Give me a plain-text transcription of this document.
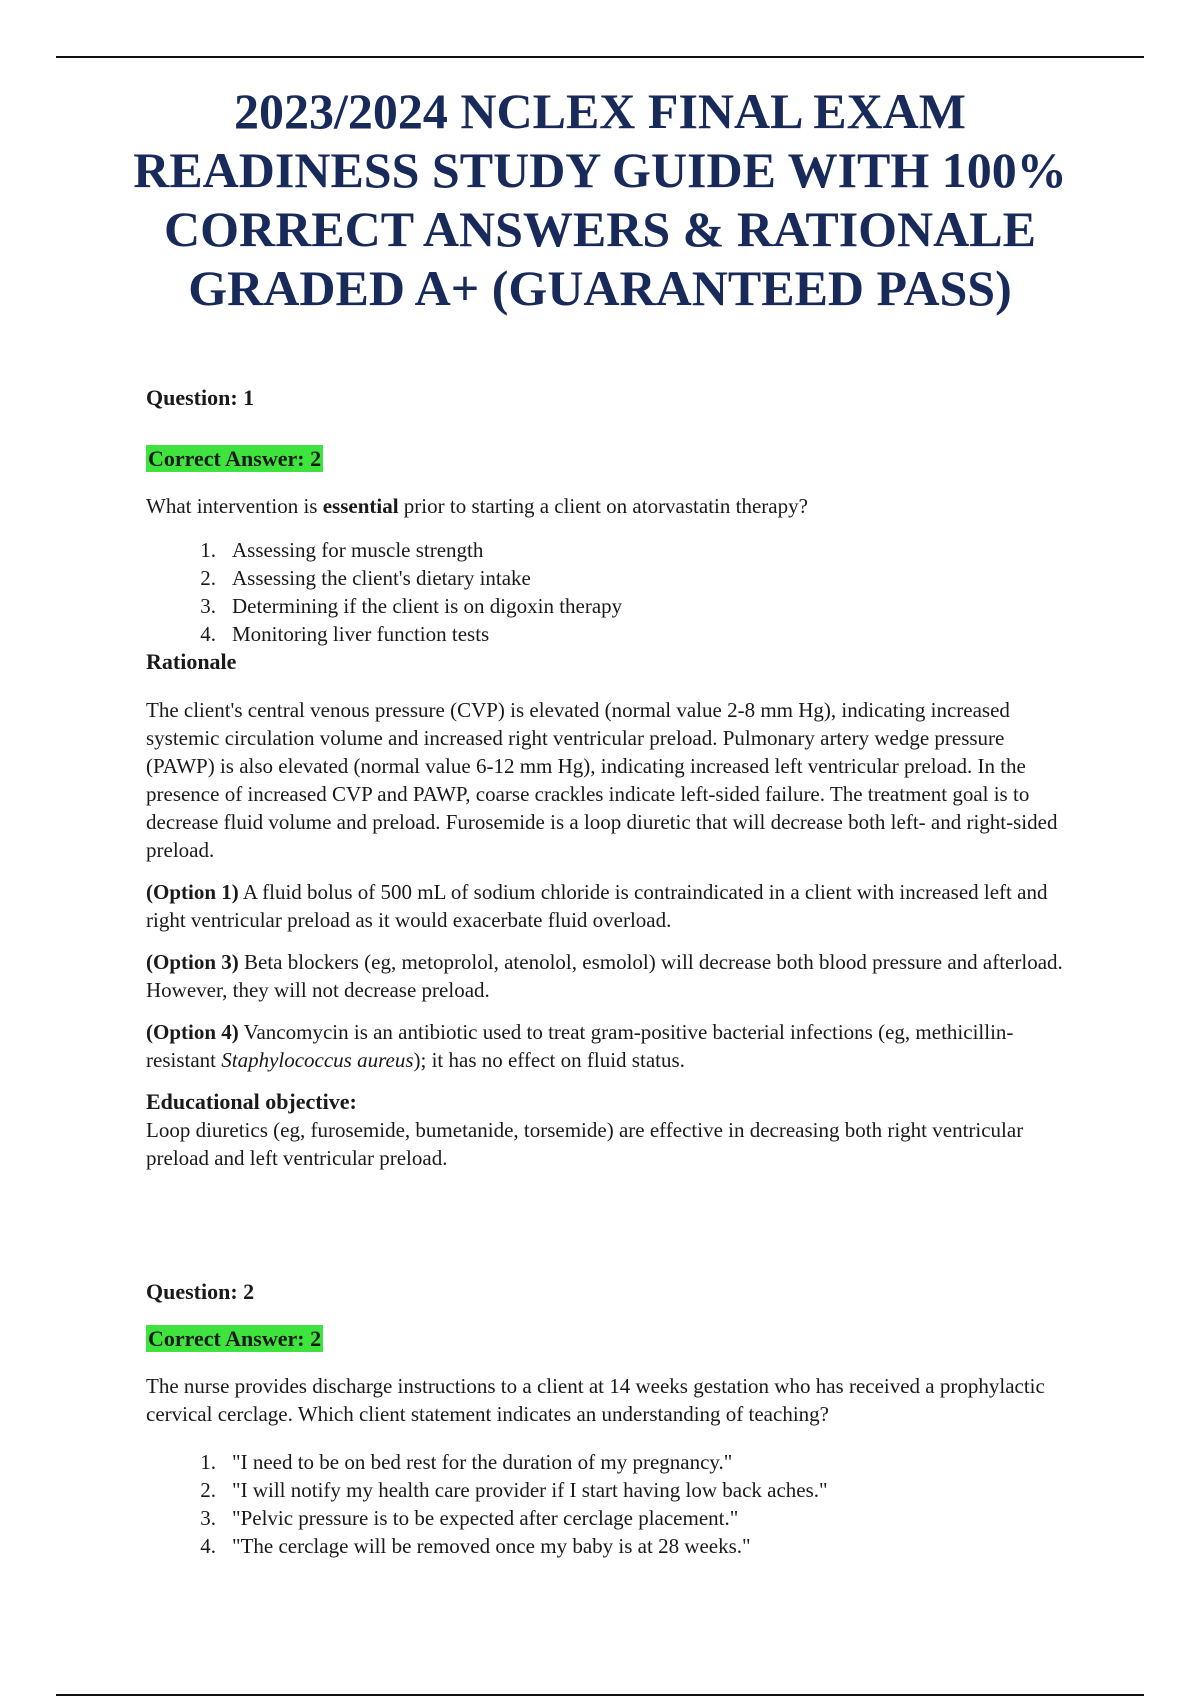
2023/2024 NCLEX FINAL EXAM
READINESS STUDY GUIDE WITH 100%
CORRECT ANSWERS & RATIONALE
GRADED A+ (GUARANTEED PASS)

Question: 1

Correct Answer: 2

What intervention is essential prior to starting a client on atorvastatin therapy?

1. Assessing for muscle strength
2. Assessing the client's dietary intake
3. Determining if the client is on digoxin therapy
4. Monitoring liver function tests

Rationale

The client's central venous pressure (CVP) is elevated (normal value 2-8 mm Hg), indicating increased systemic circulation volume and increased right ventricular preload. Pulmonary artery wedge pressure (PAWP) is also elevated (normal value 6-12 mm Hg), indicating increased left ventricular preload. In the presence of increased CVP and PAWP, coarse crackles indicate left-sided failure. The treatment goal is to decrease fluid volume and preload. Furosemide is a loop diuretic that will decrease both left- and right-sided preload.

(Option 1) A fluid bolus of 500 mL of sodium chloride is contraindicated in a client with increased left and right ventricular preload as it would exacerbate fluid overload.

(Option 3) Beta blockers (eg, metoprolol, atenolol, esmolol) will decrease both blood pressure and afterload. However, they will not decrease preload.

(Option 4) Vancomycin is an antibiotic used to treat gram-positive bacterial infections (eg, methicillin- resistant Staphylococcus aureus); it has no effect on fluid status.

Educational objective:

Loop diuretics (eg, furosemide, bumetanide, torsemide) are effective in decreasing both right ventricular preload and left ventricular preload.

Question: 2

Correct Answer: 2

The nurse provides discharge instructions to a client at 14 weeks gestation who has received a prophylactic cervical cerclage. Which client statement indicates an understanding of teaching?

1. "I need to be on bed rest for the duration of my pregnancy."
2. "I will notify my health care provider if I start having low back aches."
3. "Pelvic pressure is to be expected after cerclage placement."
4. "The cerclage will be removed once my baby is at 28 weeks."
